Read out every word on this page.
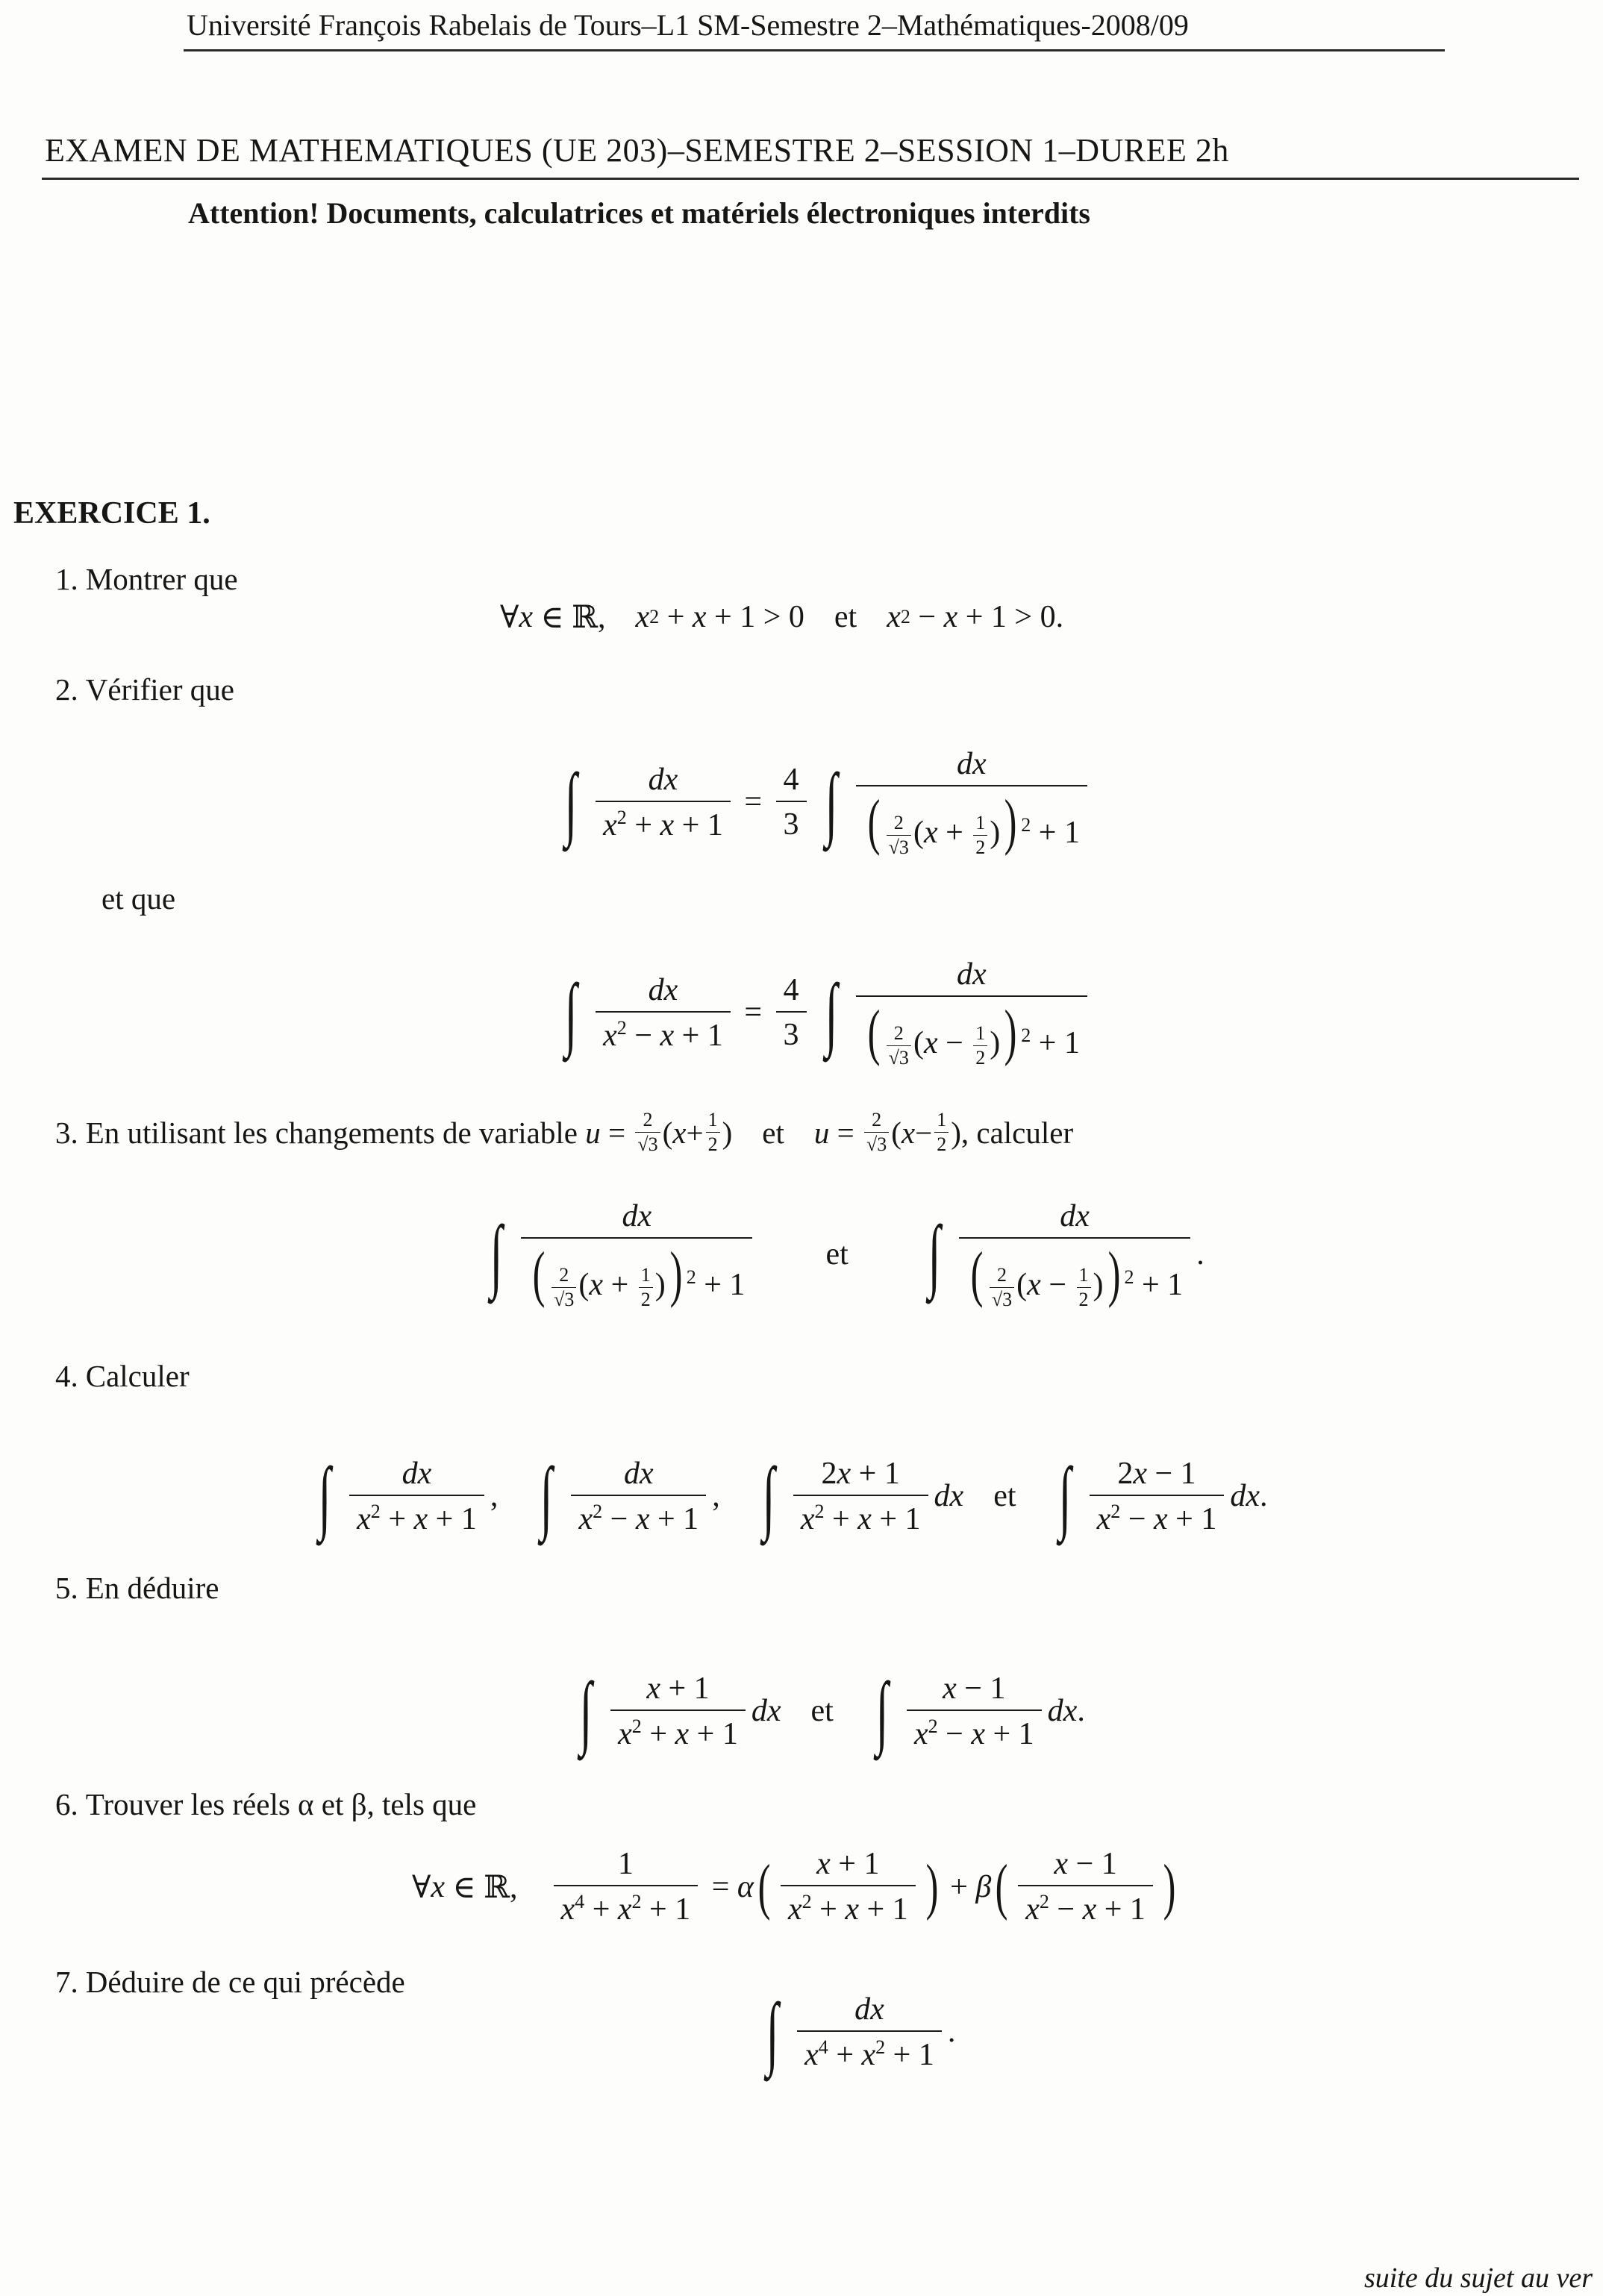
Université François Rabelais de Tours–L1 SM-Semestre 2–Mathématiques-2008/09
EXAMEN DE MATHEMATIQUES (UE 203)–SEMESTRE 2–SESSION 1–DUREE 2h
Attention! Documents, calculatrices et matériels électroniques interdits
EXERCICE 1.
1. Montrer que
∀ x ∈ ℝ, x 2 + x + 1 > 0 et x 2 − x + 1 > 0.
2. Vérifier que
∫ $\frac{dx}{x^2 + x + 1} = \frac{4}{3}$ ∫ $\frac{dx}{( \frac{2}{√3} (x + \frac{1}{2} )) ^2 + 1}$
et que
∫ $\frac{dx}{x^2 - x + 1} = \frac{4}{3}$ ∫ $\frac{dx}{( \frac{2}{√3} (x - \frac{1}{2} )) ^2 + 1}$
3. En utilisant les changements de variable
u = 2
√3 ( x + 1
2 ) et u = 2
√3 ( x − 1
2 ) , calculer
∫ $\frac{dx}{( \frac{2}{√3} (x + \frac{1}{2} )) ^2 + 1}$ et ∫ $\frac{dx}{( \frac{2}{√3} (x - \frac{1}{2} )) ^2 + 1}$ .
4. Calculer
∫ $\frac{dx}{x^2 + x + 1}$ , ∫ $\frac{dx}{x^2 - x + 1}$ , ∫ $\frac{2x + 1}{x^2 + x + 1}$ dx et ∫ $\frac{2x - 1}{x^2 - x + 1}$ dx .
5. En déduire
∫ $\frac{x + 1}{x^2 + x + 1}$ dx et ∫ $\frac{x - 1}{x^2 - x + 1}$ dx .
6. Trouver les réels α et β, tels que
∀ x ∈ ℝ, $\frac{1}{x^4 + x^2 + 1} = \alpha$ ( $\frac{x + 1}{x^2 + x + 1}$ ) + β ( $\frac{x - 1}{x^2 - x + 1}$ )
7. Déduire de ce qui précède
∫ $\frac{dx}{x^4 + x^2 + 1}$ .
suite du sujet au ver
